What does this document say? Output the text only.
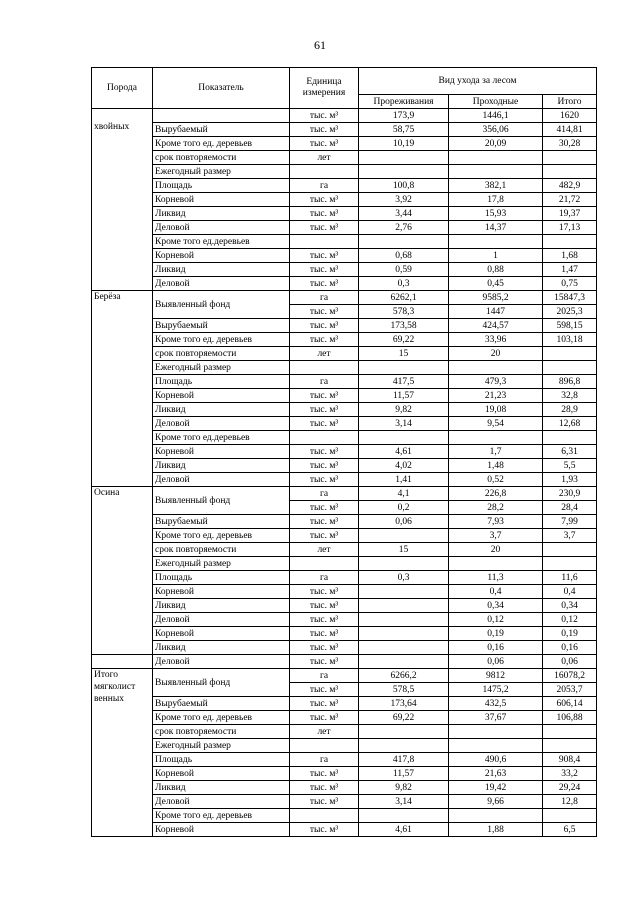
61
Порода	Показатель	Единица измерения	Вид ухода за лесом		
			Прореживания	Проходные	Итого

хвойных		тыс. м³	173,9	1446,1	1620
	Вырубаемый	тыс. м³	58,75	356,06	414,81
	Кроме того ед. деревьев	тыс. м³	10,19	20,09	30,28
	срок повторяемости	лет			
	Ежегодный размер				
	Площадь	га	100,8	382,1	482,9
	Корневой	тыс. м³	3,92	17,8	21,72
	Ликвид	тыс. м³	3,44	15,93	19,37
	Деловой	тыс. м³	2,76	14,37	17,13
	Кроме того ед.деревьев				
	Корневой	тыс. м³	0,68	1	1,68
	Ликвид	тыс. м³	0,59	0,88	1,47
	Деловой	тыс. м³	0,3	0,45	0,75

Берёза	Выявленный фонд	га	6262,1	9585,2	15847,3
		тыс. м³	578,3	1447	2025,3
	Вырубаемый	тыс. м³	173,58	424,57	598,15
	Кроме того ед. деревьев	тыс. м³	69,22	33,96	103,18
	срок повторяемости	лет	15	20	
	Ежегодный размер				
	Площадь	га	417,5	479,3	896,8
	Корневой	тыс. м³	11,57	21,23	32,8
	Ликвид	тыс. м³	9,82	19,08	28,9
	Деловой	тыс. м³	3,14	9,54	12,68
	Кроме того ед.деревьев				
	Корневой	тыс. м³	4,61	1,7	6,31
	Ликвид	тыс. м³	4,02	1,48	5,5
	Деловой	тыс. м³	1,41	0,52	1,93

Осина	Выявленный фонд	га	4,1	226,8	230,9
		тыс. м³	0,2	28,2	28,4
	Вырубаемый	тыс. м³	0,06	7,93	7,99
	Кроме того ед. деревьев	тыс. м³		3,7	3,7
	срок повторяемости	лет	15	20	
	Ежегодный размер				
	Площадь	га	0,3	11,3	11,6
	Корневой	тыс. м³		0,4	0,4
	Ликвид	тыс. м³		0,34	0,34
	Деловой	тыс. м³		0,12	0,12
	Корневой	тыс. м³		0,19	0,19
	Ликвид	тыс. м³		0,16	0,16

	Деловой	тыс. м³		0,06	0,06

Итого
мягколист
венных	Выявленный фонд	га	6266,2	9812	16078,2
		тыс. м³	578,5	1475,2	2053,7
	Вырубаемый	тыс. м³	173,64	432,5	606,14
	Кроме того ед. деревьев	тыс. м³	69,22	37,67	106,88
	срок повторяемости	лет			
	Ежегодный размер				
	Площадь	га	417,8	490,6	908,4
	Корневой	тыс. м³	11,57	21,63	33,2
	Ликвид	тыс. м³	9,82	19,42	29,24
	Деловой	тыс. м³	3,14	9,66	12,8
	Кроме того ед. деревьев				
	Корневой	тыс. м³	4,61	1,88	6,5
